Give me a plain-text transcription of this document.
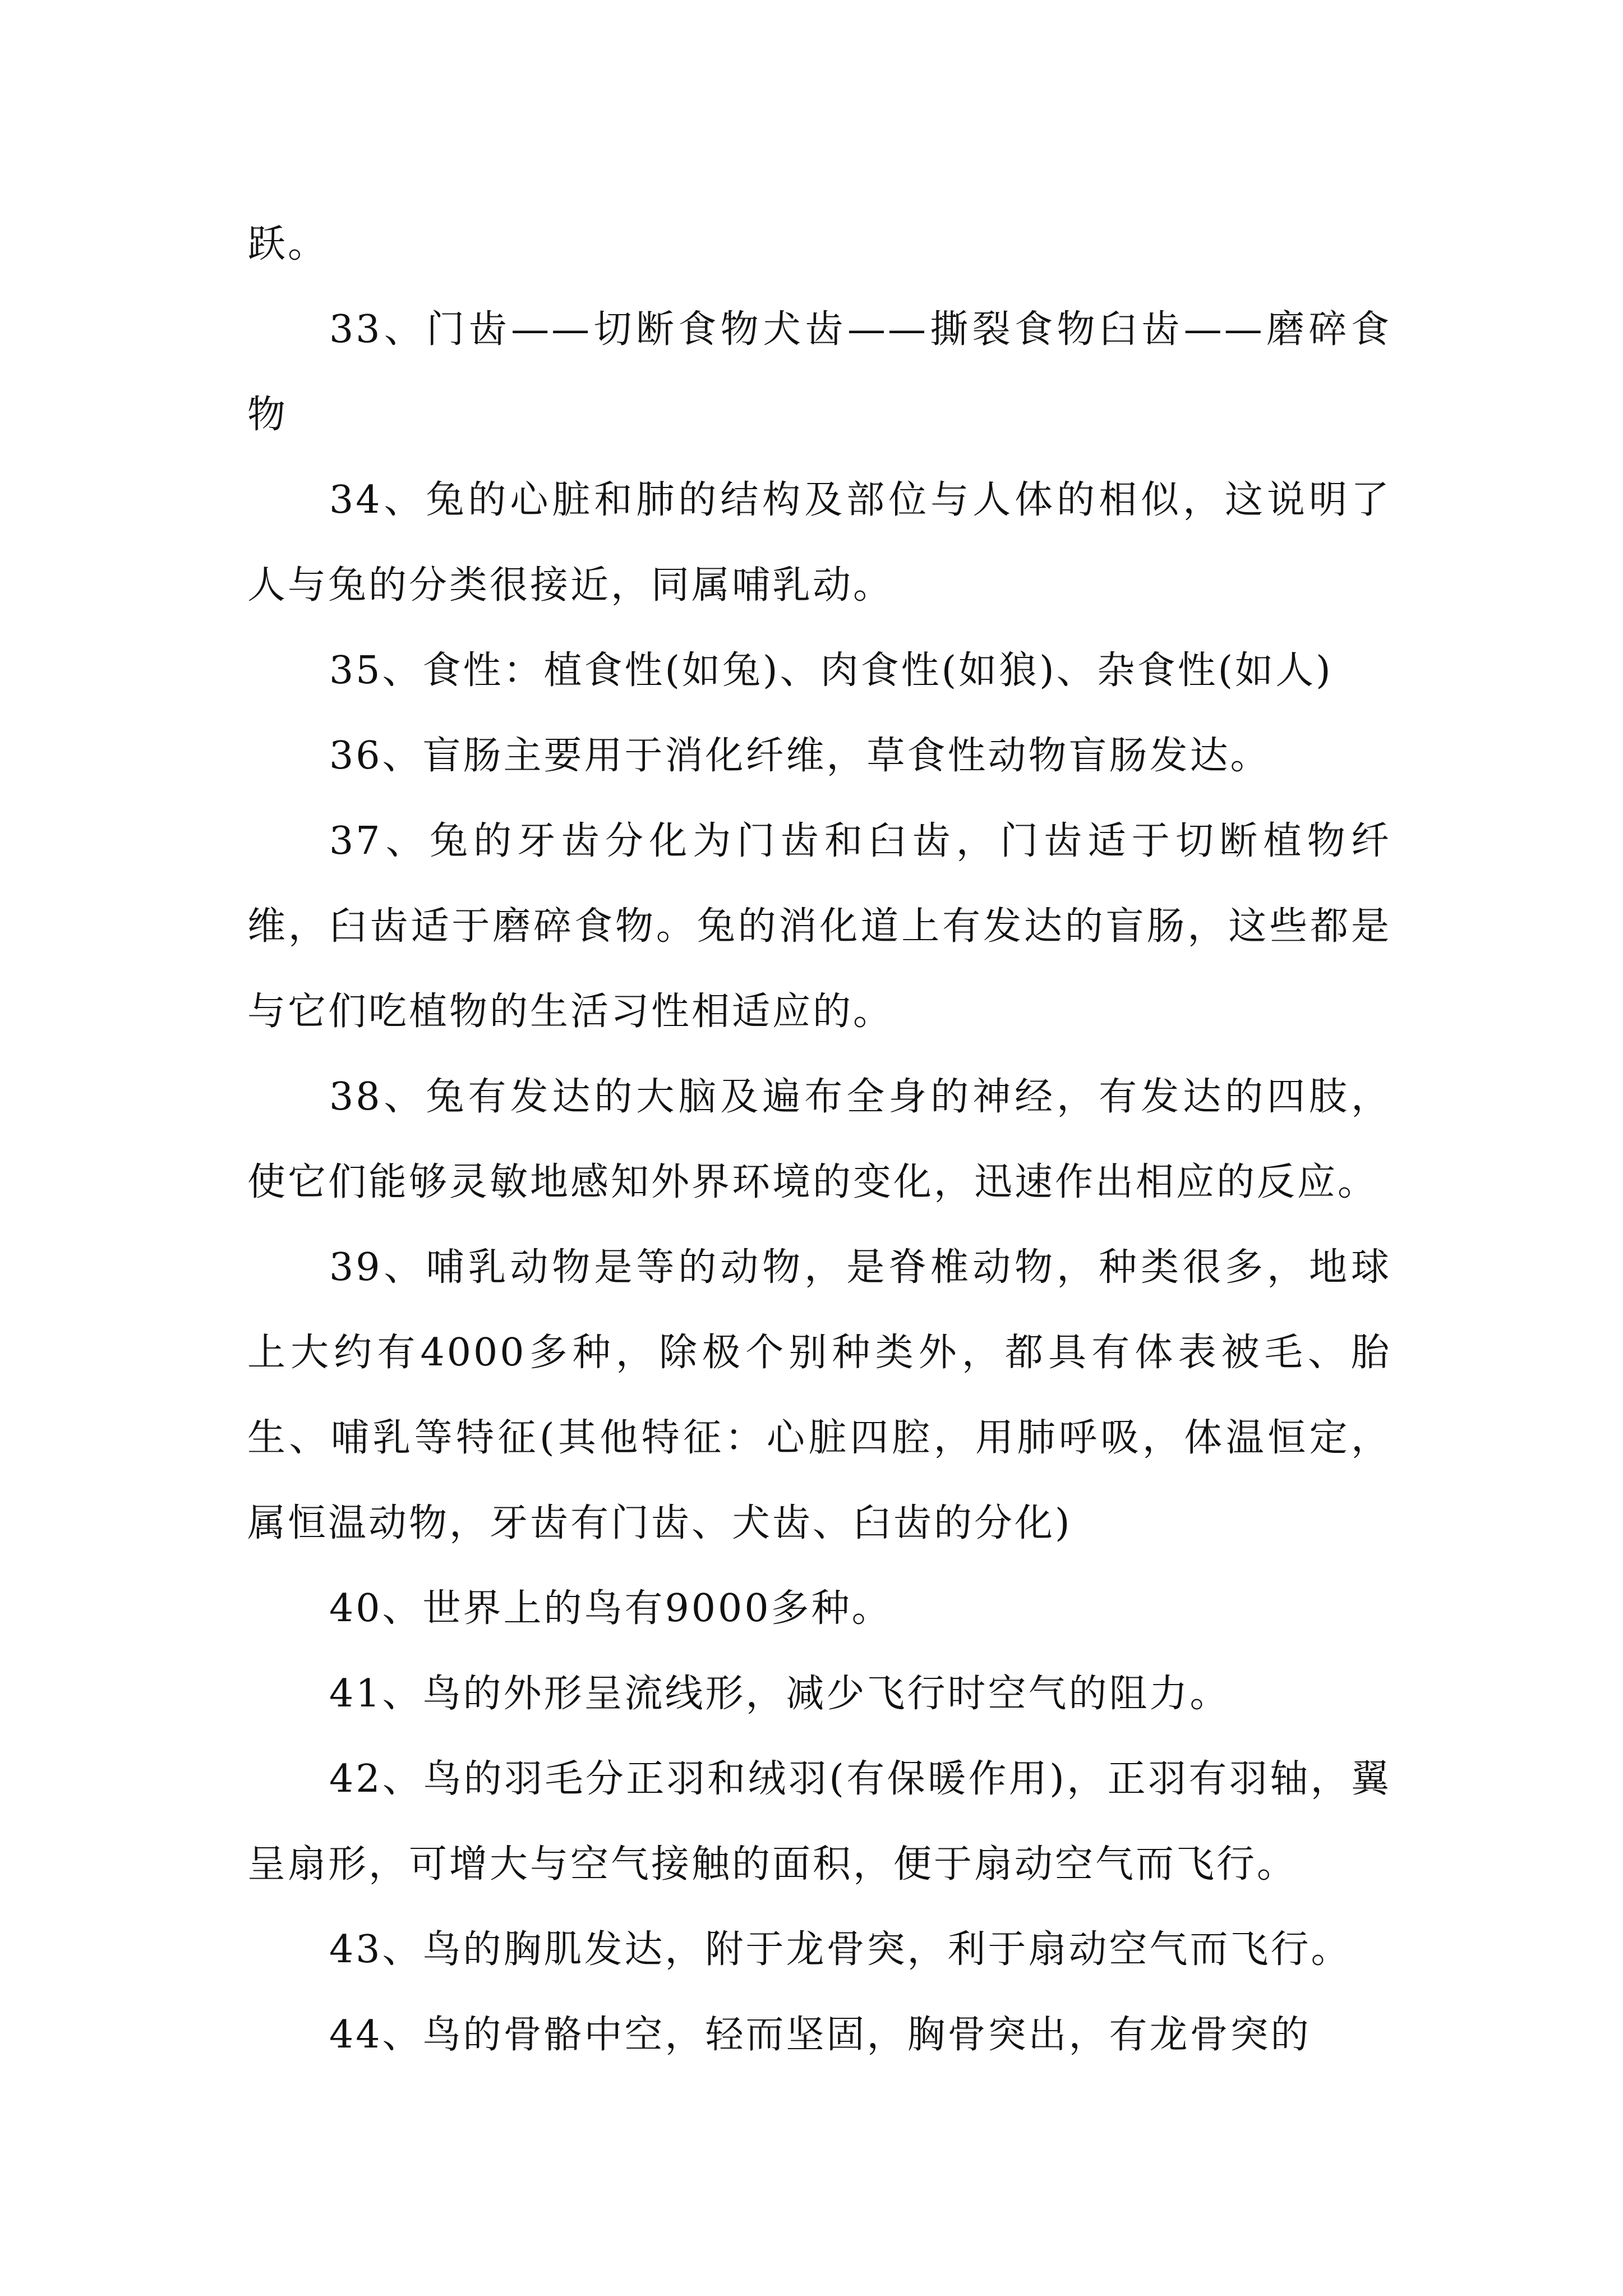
跃。

33、门齿——切断食物犬齿——撕裂食物臼齿——磨碎食物

34、兔的心脏和肺的结构及部位与人体的相似，这说明了人与兔的分类很接近，同属哺乳动。

35、食性：植食性(如兔)、肉食性(如狼)、杂食性(如人)

36、盲肠主要用于消化纤维，草食性动物盲肠发达。

37、兔的牙齿分化为门齿和臼齿，门齿适于切断植物纤维，臼齿适于磨碎食物。兔的消化道上有发达的盲肠，这些都是与它们吃植物的生活习性相适应的。

38、兔有发达的大脑及遍布全身的神经，有发达的四肢，使它们能够灵敏地感知外界环境的变化，迅速作出相应的反应。

39、哺乳动物是等的动物，是脊椎动物，种类很多，地球上大约有4000多种，除极个别种类外，都具有体表被毛、胎生、哺乳等特征(其他特征：心脏四腔，用肺呼吸，体温恒定，属恒温动物，牙齿有门齿、犬齿、臼齿的分化)

40、世界上的鸟有9000多种。

41、鸟的外形呈流线形，减少飞行时空气的阻力。

42、鸟的羽毛分正羽和绒羽(有保暖作用)，正羽有羽轴，翼呈扇形，可增大与空气接触的面积，便于扇动空气而飞行。

43、鸟的胸肌发达，附于龙骨突，利于扇动空气而飞行。

44、鸟的骨骼中空，轻而坚固，胸骨突出，有龙骨突的
